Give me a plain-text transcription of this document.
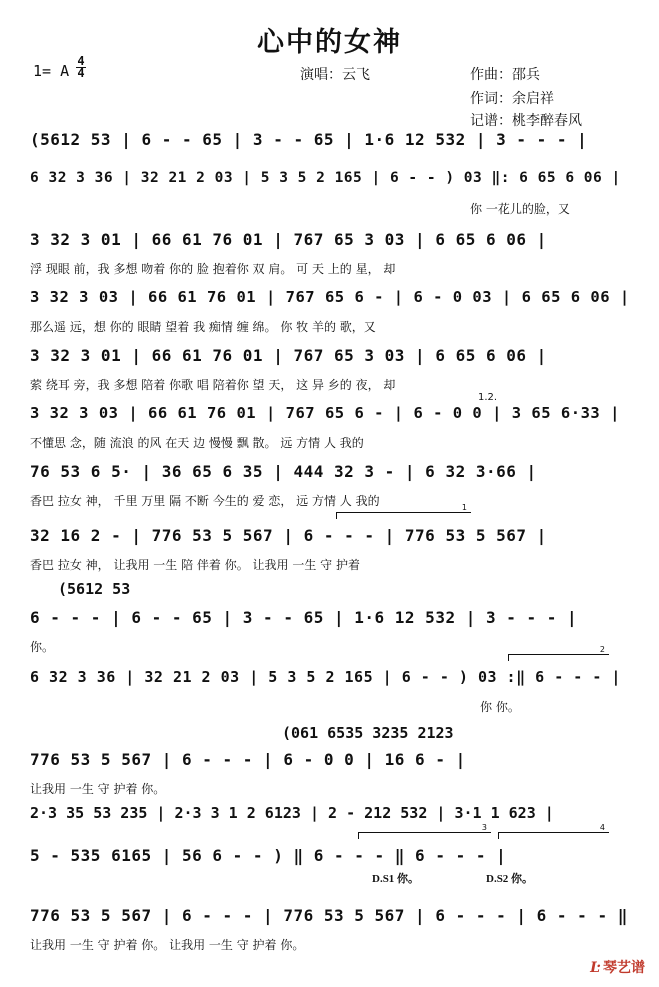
心中的女神
1= A
4
4	演唱：云飞	作曲：邵兵
作词：余启祥
记谱：桃李醉春风
(5612 53 | 6 - - 65 | 3 - - 65 | 1·6 12 532 | 3 - - - |
6 32 3 36 | 32 21 2 03 | 5 3 5 2 165 | 6 - - ) 03 ‖: 6 65 6 06 |
你 一花儿的脸，又
3 32 3 01 | 66 61 76 01 | 767 65 3 03 | 6 65 6 06 |
浮 现眼 前，我 多想 吻着 你的 脸 抱着你 双 肩。 可 天 上的 星， 却
3 32 3 03 | 66 61 76 01 | 767 65 6 - | 6 - 0 03 | 6 65 6 06 |
那么遥 远，想 你的 眼睛 望着 我 痴情 缠 绵。 你 牧 羊的 歌，又
3 32 3 01 | 66 61 76 01 | 767 65 3 03 | 6 65 6 06 |
萦 绕耳 旁，我 多想 陪着 你歌 唱 陪着你 望 天， 这 异 乡的 夜， 却
3 32 3 03 | 66 61 76 01 | 767 65 6 - | 6 - 0 0 | 3 65 6·33 |
不懂思 念，随 流浪 的风 在天 边 慢慢 飘 散。 远 方情 人 我的
1.2.
76 53 6 5· | 36 65 6 35 | 444 32 3 - | 6 32 3·66 |
香巴 拉女 神， 千里 万里 隔 不断 今生的 爱 恋， 远 方情 人 我的	1
32 16 2 - | 776 53 5 567 | 6 - - - | 776 53 5 567 |
香巴 拉女 神， 让我用 一生 陪 伴着 你。 让我用 一生 守 护着
(5612 53
6 - - - | 6 - - 65 | 3 - - 65 | 1·6 12 532 | 3 - - - |
你。	2
6 32 3 36 | 32 21 2 03 | 5 3 5 2 165 | 6 - - ) 03 :‖ 6 - - - |
你 你。
(061 6535 3235 2123
776 53 5 567 | 6 - - - | 6 - 0 0 | 16 6 - |
让我用 一生 守 护着 你。
2·3 35 53 235 | 2·3 3 1 2 6123 | 2 - 212 532 | 3·1 1 623 |
3	4
5 - 535 6165 | 56 6 - - ) ‖ 6 - - - ‖ 6 - - - |
D.S1 你。	D.S2 你。
776 53 5 567 | 6 - - - | 776 53 5 567 | 6 - - - | 6 - - - ‖
让我用 一生 守 护着 你。 让我用 一生 守 护着 你。
Ŀ 琴艺谱
